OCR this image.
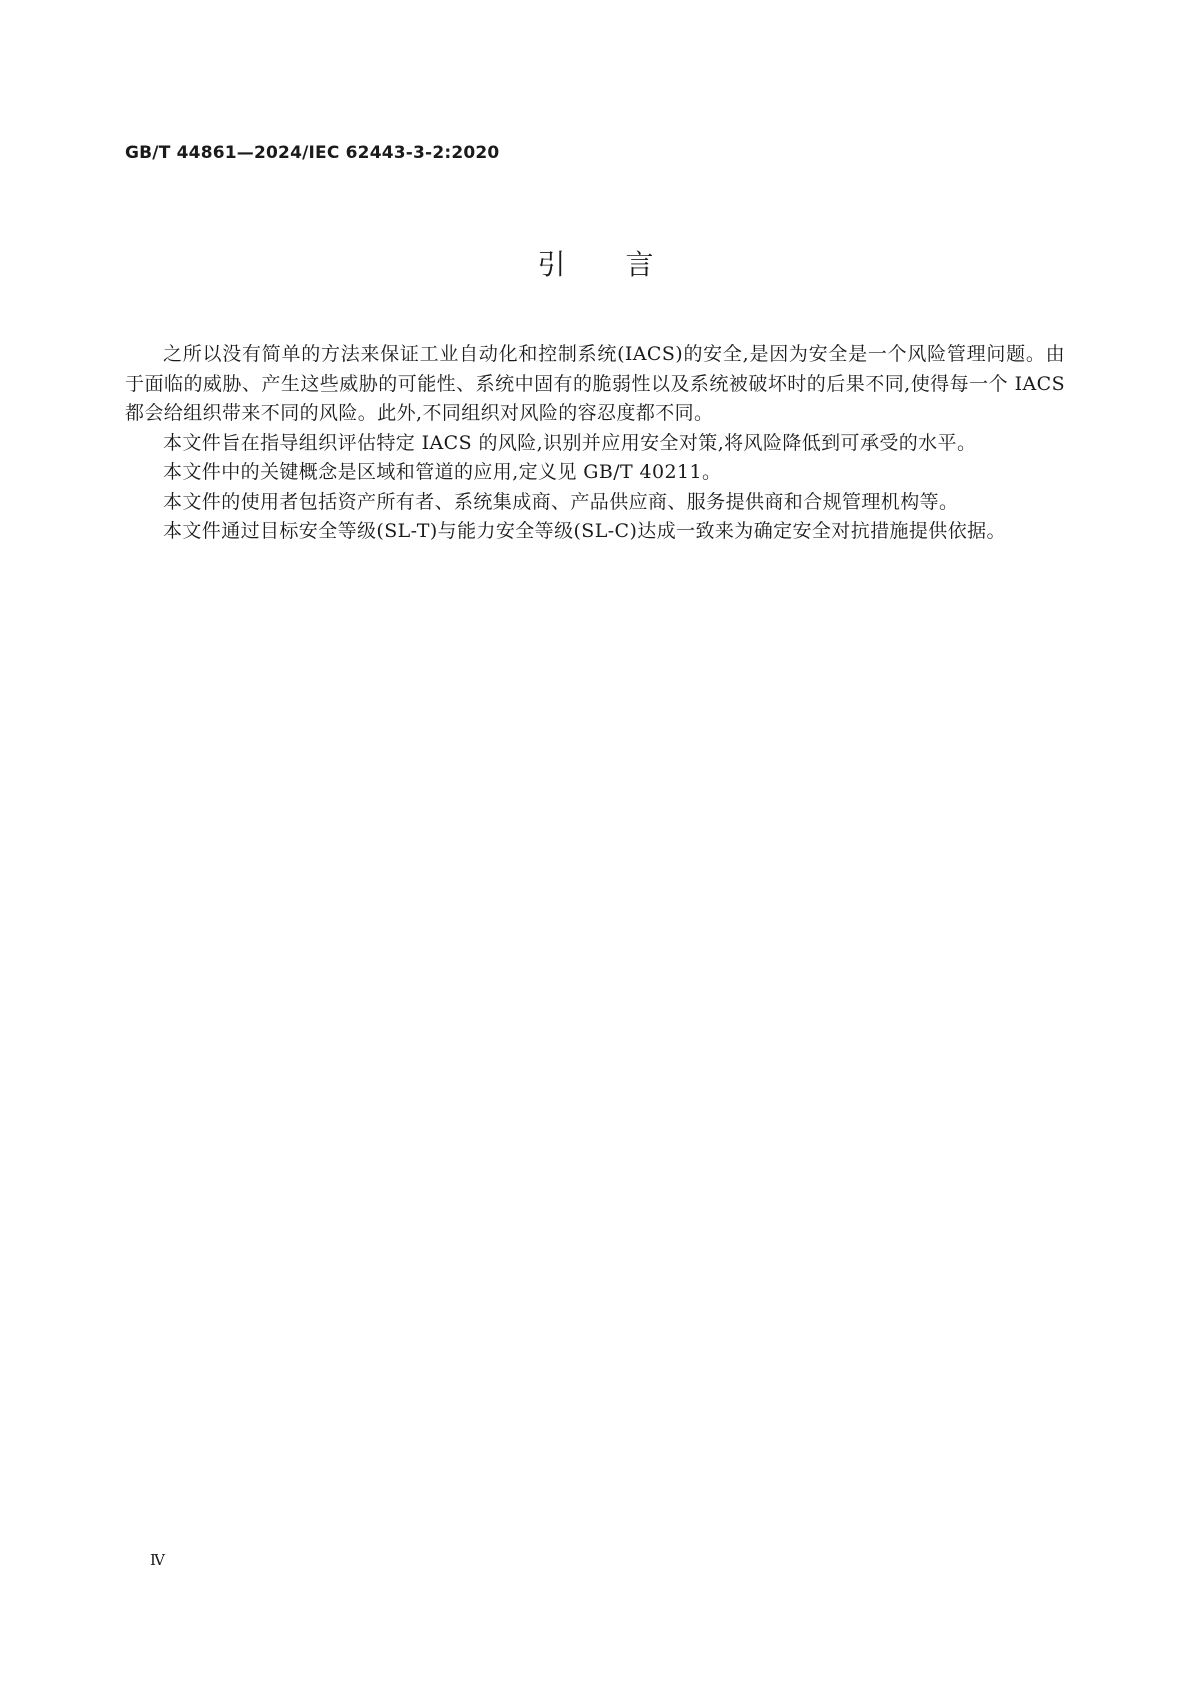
GB/T 44861—2024/IEC 62443-3-2:2020
引言

之所以没有简单的方法来保证工业自动化和控制系统(IACS)的安全,是因为安全是一个风险管理问题。由于面临的威胁、产生这些威胁的可能性、系统中固有的脆弱性以及系统被破坏时的后果不同,使得每一个 IACS 都会给组织带来不同的风险。此外,不同组织对风险的容忍度都不同。

本文件旨在指导组织评估特定 IACS 的风险,识别并应用安全对策,将风险降低到可承受的水平。

本文件中的关键概念是区域和管道的应用,定义见 GB/T 40211。

本文件的使用者包括资产所有者、系统集成商、产品供应商、服务提供商和合规管理机构等。

本文件通过目标安全等级(SL-T)与能力安全等级(SL-C)达成一致来为确定安全对抗措施提供依据。

Ⅳ
